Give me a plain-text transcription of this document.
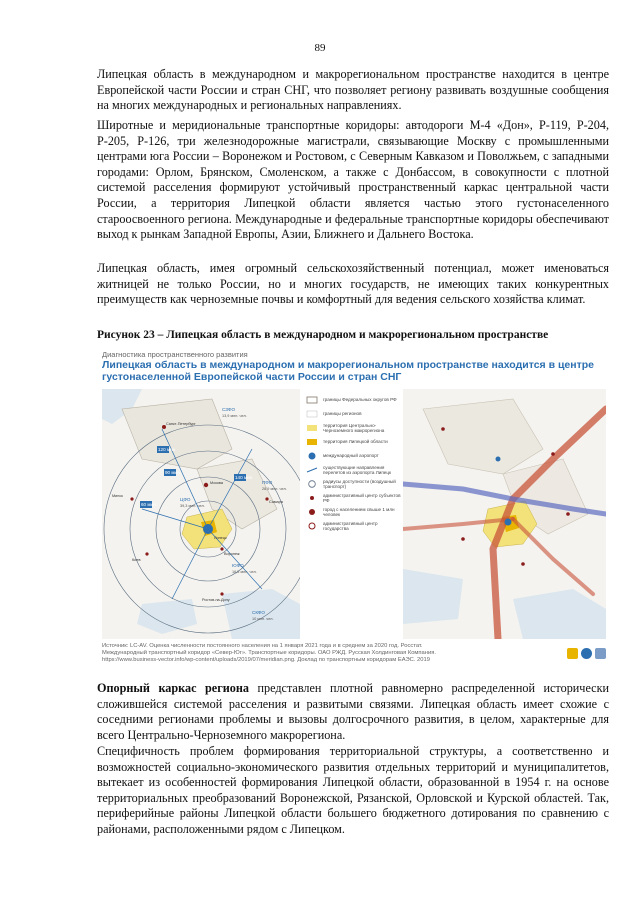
89

Липецкая область в международном и макрорегиональном пространстве находится в центре Европейской части России и стран СНГ, что позволяет региону развивать воздушные сообщения на многих международных и региональных направлениях.

Широтные и меридиональные транспортные коридоры: автодороги М-4 «Дон», Р-119, Р-204, Р-205, Р-126, три железнодорожные магистрали, связывающие Москву с промышленными центрами юга России – Воронежом и Ростовом, с Северным Кавказом и Поволжьем, с западными городами: Орлом, Брянском, Смоленском, а также с Донбассом, в совокупности с плотной системой расселения формируют устойчивый пространственный каркас центральной части России, а территория Липецкой области является частью этого густонаселенного староосвоенного региона. Международные и федеральные транспортные коридоры обеспечивают выход к рынкам Западной Европы, Азии, Ближнего и Дальнего Востока.

Липецкая область, имея огромный сельскохозяйственный потенциал, может именоваться житницей не только России, но и многих государств, не имеющих таких конкурентных преимуществ как черноземные почвы и комфортный для ведения сельского хозяйства климат.

Рисунок 23 – Липецкая область в международном и макрорегиональном пространстве
Диагностика пространственного развития
Липецкая область в международном и макрорегиональном пространстве находится в центре густонаселенной Европейской части России и стран СНГ
120 мин
90 мин
60 мин
140 мин
СЗФО
13,9 млн. чел.
ЦФО
39,3 млн. чел.
ПФО
28,9 млн. чел.
ЮФО
16,5 млн. чел.
СКФО
10 млн. чел.
Санкт-Петербург
Москва
Липецк
Минск
Киев
Воронеж
Ростов-на-Дону
Самара
границы Федеральных округов РФ
границы регионов
территория Центрально-Черноземного макрорегиона
территория Липецкой области
международный аэропорт
существующие направления перелетов из аэропорта Липецк
радиусы доступности (воздушный транспорт)
административный центр субъектов РФ
город с населением свыше 1 млн человек
административный центр государства
Источник: LC-AV. Оценка численности постоянного населения на 1 января 2021 года и в среднем за 2020 год. Росстат.
Международный транспортный коридор «Север-Юг». Транспортные коридоры. ОАО РЖД. Русская Холдинговая Компания.
https://www.business-vector.info/wp-content/uploads/2019/07/meridian.png. Доклад по транспортным коридорам ЕАЭС. 2019

Опорный каркас региона представлен плотной равномерно распределенной исторически сложившейся системой расселения и развитыми связями. Липецкая область имеет схожие с соседними регионами проблемы и вызовы долгосрочного развития, в целом, характерные для всего Центрально-Черноземного макрорегиона.

Специфичность проблем формирования территориальной структуры, а соответственно и возможностей социально-экономического развития отдельных территорий и муниципалитетов, вытекает из особенностей формирования Липецкой области, образованной в 1954 г. на основе территориальных преобразований Воронежской, Рязанской, Орловской и Курской областей. Так, периферийные районы Липецкой области большего бюджетного дотирования по сравнению с районами, расположенными рядом с Липецком.
